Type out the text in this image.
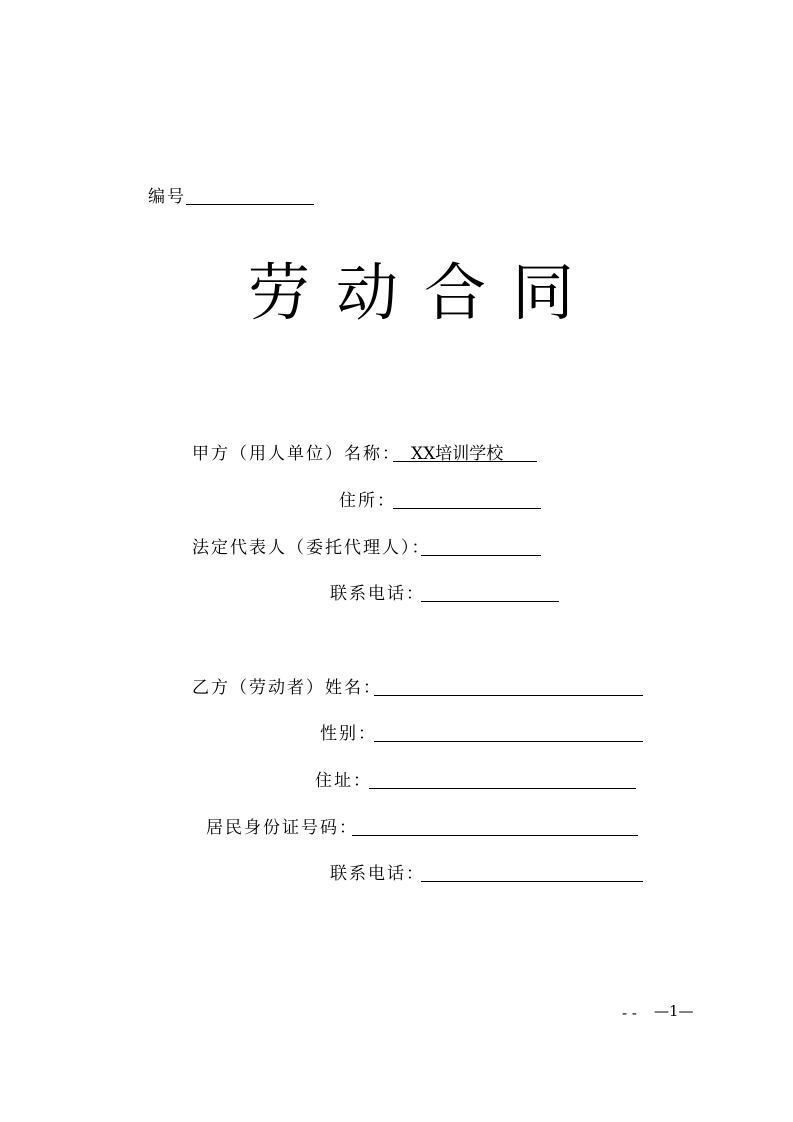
编号
劳动合同
甲方（用人单位）名称： XX培训学校
住所：
法定代表人（委托代理人）：
联系电话：
乙方（劳动者）姓名：
性别：
住址：
居民身份证号码：
联系电话：
- - —1—
